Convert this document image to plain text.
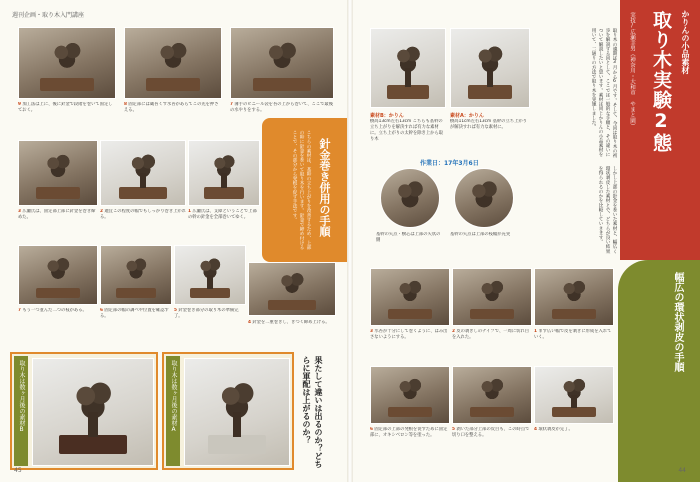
週刊企画・取り木入門講座
9 加工法は上に、後に針金で段階を巻いて固定しておく。
8 固定部には蔵苔くず水苔があらてこの先を押さえる。
7 薄手のビニール袋を苔の上から巻いて、ここで最後の水やりをする。
3 広瀬氏は、固定部上部に針金を巻き締めた。
2 適宜この程度の幅でもしっかり巻き上がれる。
1 広瀬氏は、支障ということで上部の幹の針金を全部巻いてゆく。	針金巻き併用の手順
こちらの素材は、基幹の立ち上がりを改善するため、上部の幹に針金を巻いて取り木を行います。針金で締め付けることで、その部分から発根を促す手法です。
7 もう一つ並んだ二つの枝がある。	6 固定部の幅の調べや位置を確認する。
5 針金巻き部分の取り木の準備完了。
4 針金を二重巻きし、きつく締め上げる。
取り木は数ヶ月後の素材B	取り木は数ヶ月後の素材A	果たして違いは出るのか？どちらに軍配は上がるのか？
45
素材B：かりん	素材A：かりん
樹高13cm左右13cm こちらも基幹の立ち上がりを解決すれば有力な素材に。立ち上がりの太幹を除き上から取り木
樹高11cm左右13cm 基幹の立ち上がりが解決すれば有力な素材に。
作業日：17年3月6日
基幹の矢点・樹芯は上部の矢状の側
基幹の矢点は上部の枝幅が充実
取り木の適期は3月から6月です。そして、今回は取り木の初歩を解説する回として、ここでは一般的な手順と、その違いについて解説したいと思います。素材は同じかりんの小品素材を用いて、二通りの方法で取り木を実施しました。
しかし上部の針金を巻いた素材と、幅広く環状剥皮した素材とで、どちらが良い結果を得られるのかを比較していきます。
かりんの小品素材
取り木実験2態
実技/広瀬幸男（神奈川・大和市 やまと園）
幅広の環状剥皮の手順
3 水苔が十分にして巻くように、はみ出さないようにする。
2 皮の剥ぎしのナイフで、一周に切れ目を入れた。
1 ます広い幅で皮を剥ぎに形成を入れていく。
6 固定部の上部の発根を促すために固定部に、オキシベロン等を塗った。
5 剥いた部分上部の皮目も、この時点で切り口を整える。
4 環状剥皮が完了。
44
